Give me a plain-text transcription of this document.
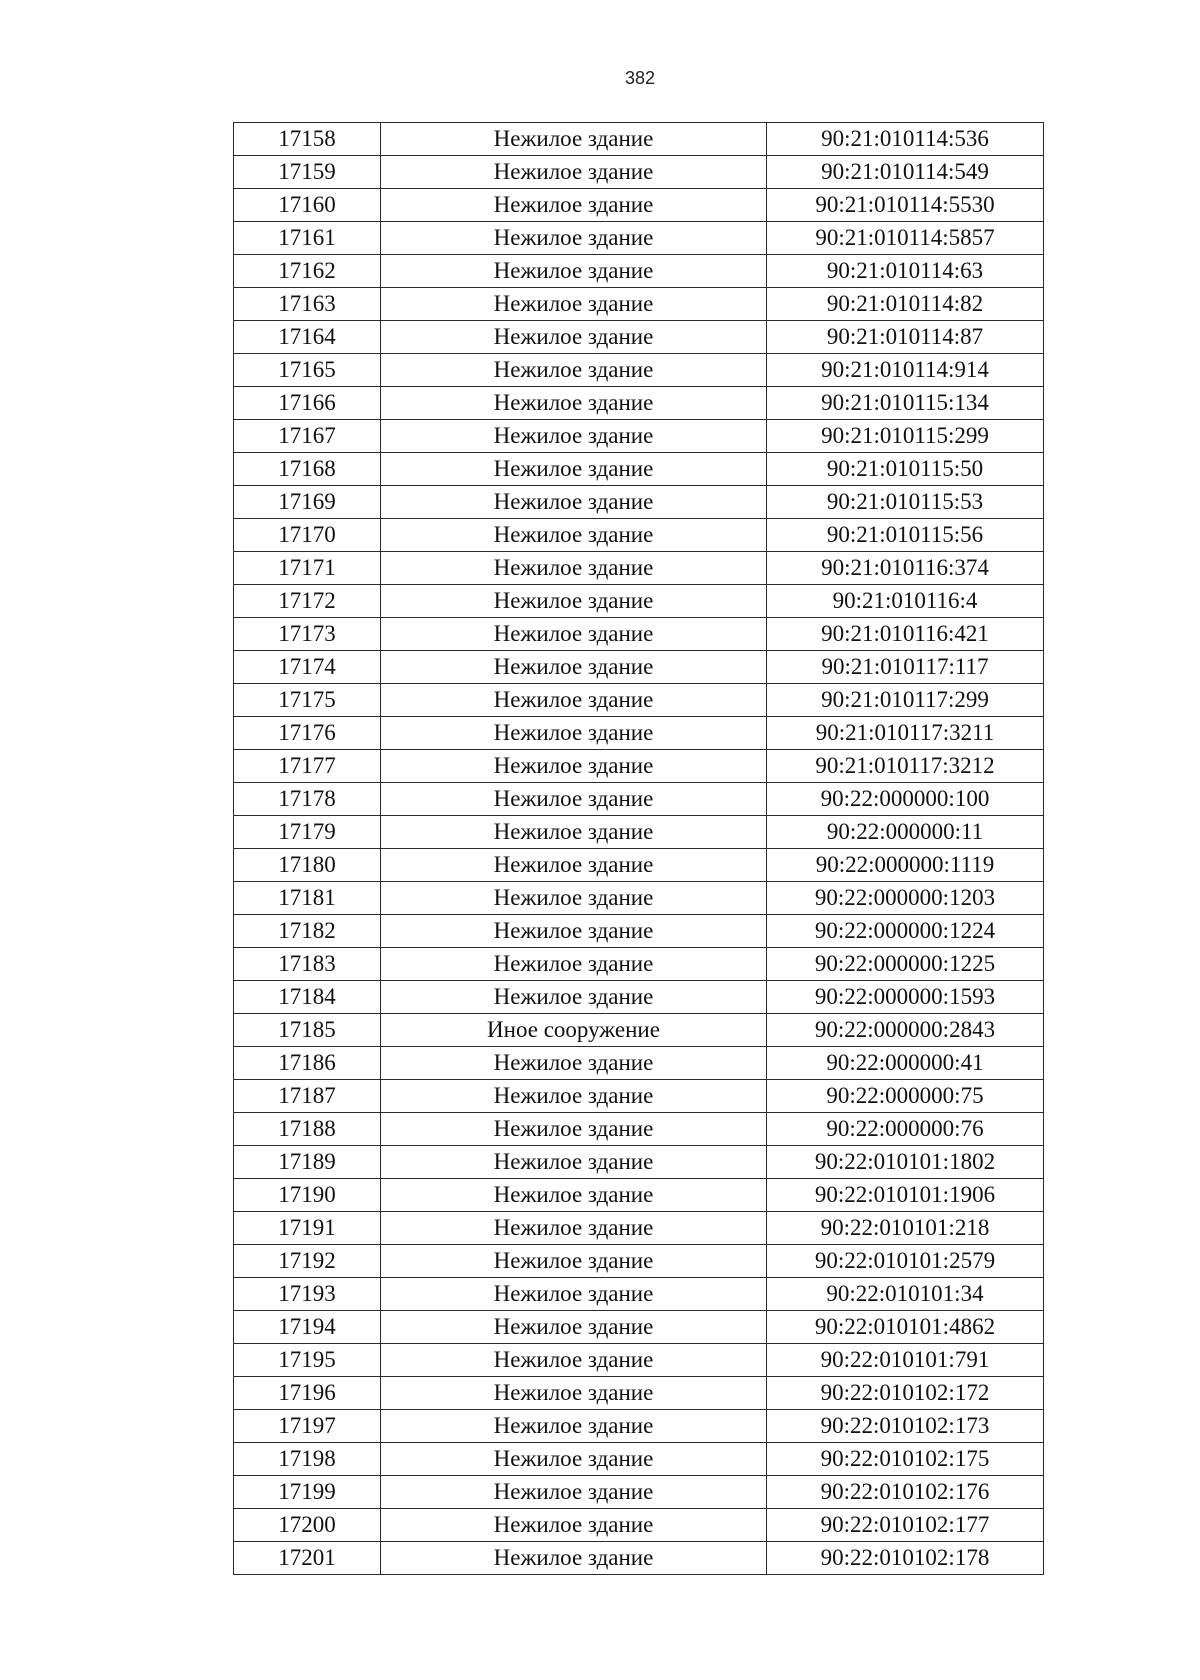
382
17158	Нежилое здание	90:21:010114:536
17159	Нежилое здание	90:21:010114:549
17160	Нежилое здание	90:21:010114:5530
17161	Нежилое здание	90:21:010114:5857
17162	Нежилое здание	90:21:010114:63
17163	Нежилое здание	90:21:010114:82
17164	Нежилое здание	90:21:010114:87
17165	Нежилое здание	90:21:010114:914
17166	Нежилое здание	90:21:010115:134
17167	Нежилое здание	90:21:010115:299
17168	Нежилое здание	90:21:010115:50
17169	Нежилое здание	90:21:010115:53
17170	Нежилое здание	90:21:010115:56
17171	Нежилое здание	90:21:010116:374
17172	Нежилое здание	90:21:010116:4
17173	Нежилое здание	90:21:010116:421
17174	Нежилое здание	90:21:010117:117
17175	Нежилое здание	90:21:010117:299
17176	Нежилое здание	90:21:010117:3211
17177	Нежилое здание	90:21:010117:3212
17178	Нежилое здание	90:22:000000:100
17179	Нежилое здание	90:22:000000:11
17180	Нежилое здание	90:22:000000:1119
17181	Нежилое здание	90:22:000000:1203
17182	Нежилое здание	90:22:000000:1224
17183	Нежилое здание	90:22:000000:1225
17184	Нежилое здание	90:22:000000:1593
17185	Иное сооружение	90:22:000000:2843
17186	Нежилое здание	90:22:000000:41
17187	Нежилое здание	90:22:000000:75
17188	Нежилое здание	90:22:000000:76
17189	Нежилое здание	90:22:010101:1802
17190	Нежилое здание	90:22:010101:1906
17191	Нежилое здание	90:22:010101:218
17192	Нежилое здание	90:22:010101:2579
17193	Нежилое здание	90:22:010101:34
17194	Нежилое здание	90:22:010101:4862
17195	Нежилое здание	90:22:010101:791
17196	Нежилое здание	90:22:010102:172
17197	Нежилое здание	90:22:010102:173
17198	Нежилое здание	90:22:010102:175
17199	Нежилое здание	90:22:010102:176
17200	Нежилое здание	90:22:010102:177
17201	Нежилое здание	90:22:010102:178
